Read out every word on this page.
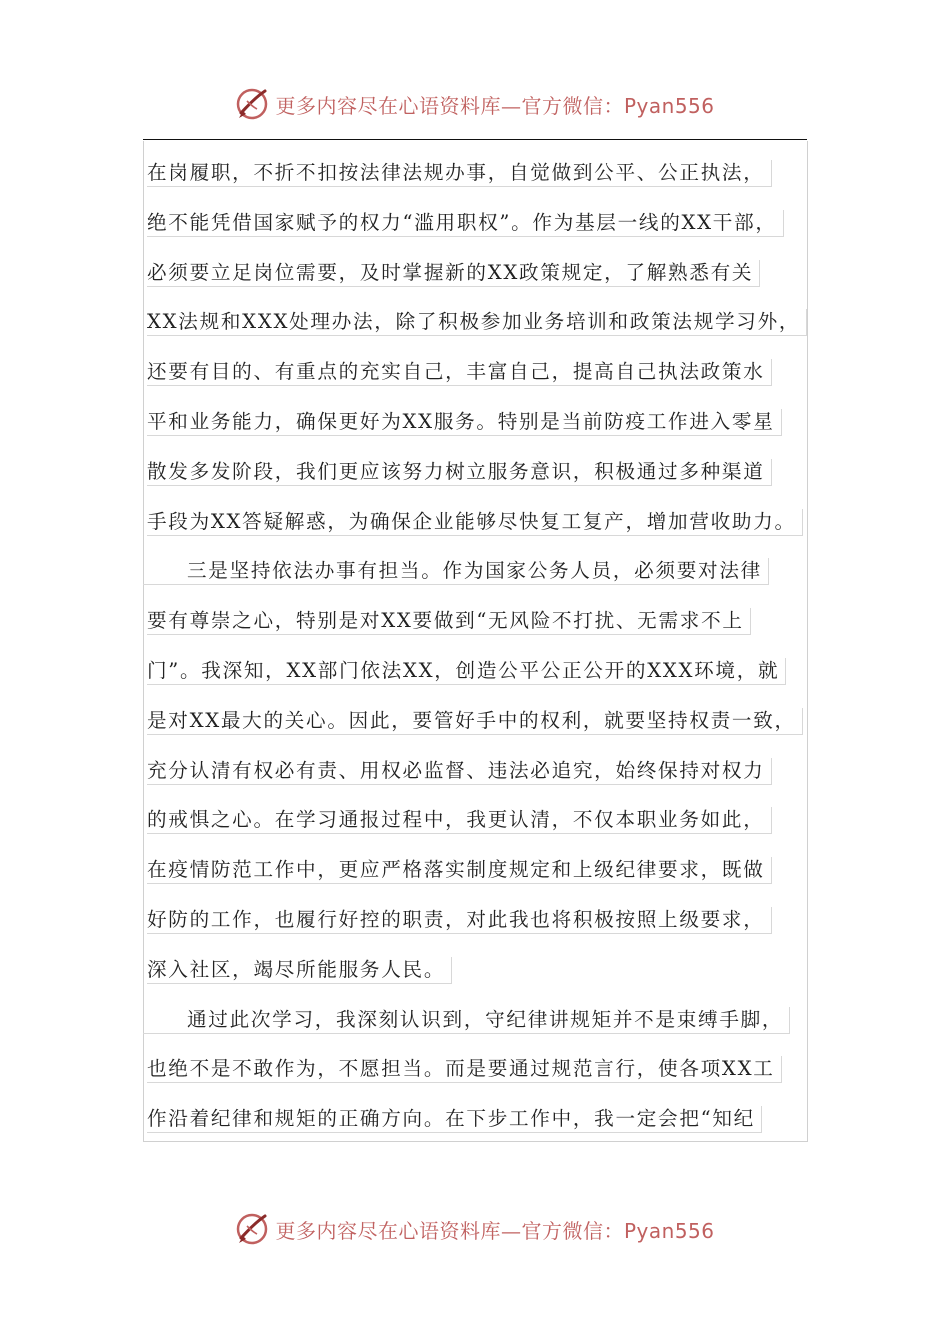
更多内容尽在心语资料库—官方微信：Pyan556
在岗履职，不折不扣按法律法规办事，自觉做到公平、公正执法，
绝不能凭借国家赋予的权力“滥用职权”。作为基层一线的XX干部，
必须要立足岗位需要，及时掌握新的XX政策规定，了解熟悉有关
XX法规和XXX处理办法，除了积极参加业务培训和政策法规学习外，
还要有目的、有重点的充实自己，丰富自己，提高自己执法政策水
平和业务能力，确保更好为XX服务。特别是当前防疫工作进入零星
散发多发阶段，我们更应该努力树立服务意识，积极通过多种渠道
手段为XX答疑解惑，为确保企业能够尽快复工复产，增加营收助力。
三是坚持依法办事有担当。作为国家公务人员，必须要对法律
要有尊崇之心，特别是对XX要做到“无风险不打扰、无需求不上
门”。我深知，XX部门依法XX，创造公平公正公开的XXX环境，就
是对XX最大的关心。因此，要管好手中的权利，就要坚持权责一致，
充分认清有权必有责、用权必监督、违法必追究，始终保持对权力
的戒惧之心。在学习通报过程中，我更认清，不仅本职业务如此，
在疫情防范工作中，更应严格落实制度规定和上级纪律要求，既做
好防的工作，也履行好控的职责，对此我也将积极按照上级要求，
深入社区，竭尽所能服务人民。
通过此次学习，我深刻认识到，守纪律讲规矩并不是束缚手脚，
也绝不是不敢作为，不愿担当。而是要通过规范言行，使各项XX工
作沿着纪律和规矩的正确方向。在下步工作中，我一定会把“知纪
更多内容尽在心语资料库—官方微信：Pyan556
